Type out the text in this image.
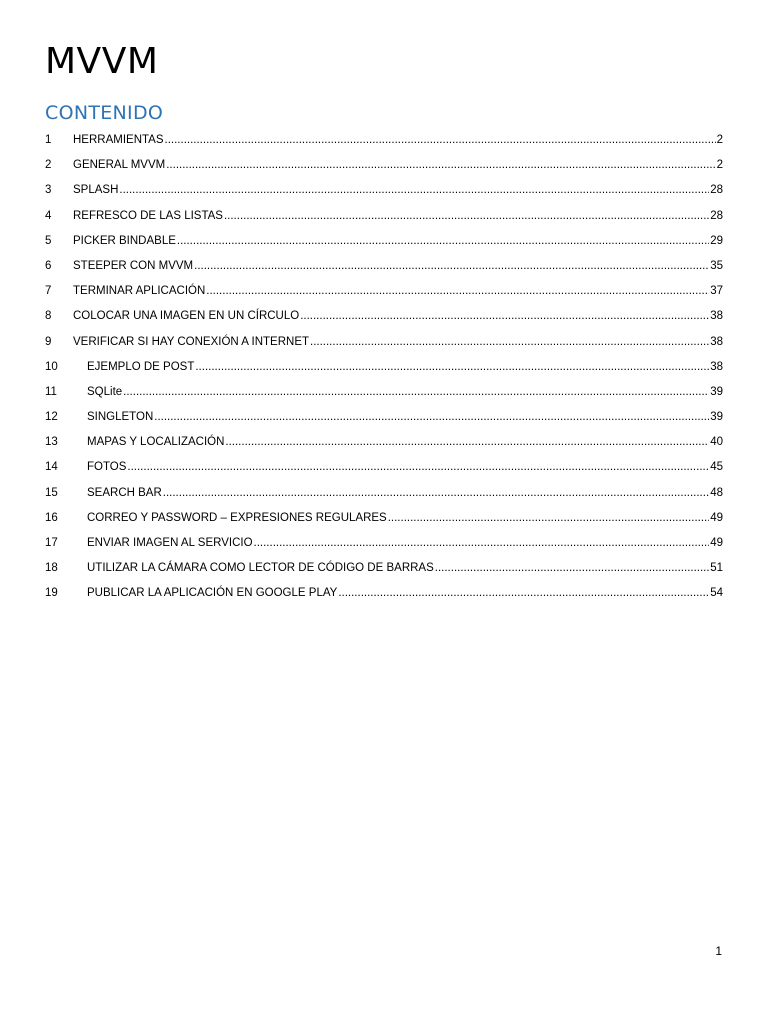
MVVM
CONTENIDO
1	HERRAMIENTAS .....	2
2	GENERAL MVVM .....	2
3	SPLASH .....	28
4	REFRESCO DE LAS LISTAS .....	28
5	PICKER BINDABLE .....	29
6	STEEPER CON MVVM .....	35
7	TERMINAR APLICACIÓN .....	37
8	COLOCAR UNA IMAGEN EN UN CÍRCULO .....	38
9	VERIFICAR SI HAY CONEXIÓN A INTERNET .....	38
10	EJEMPLO DE POST .....	38
11	SQLite .....	39
12	SINGLETON .....	39
13	MAPAS Y LOCALIZACIÓN .....	40
14	FOTOS .....	45
15	SEARCH BAR .....	48
16	CORREO Y PASSWORD – EXPRESIONES REGULARES .....	49
17	ENVIAR IMAGEN AL SERVICIO .....	49
18	UTILIZAR LA CÁMARA COMO LECTOR DE CÓDIGO DE BARRAS .....	51
19	PUBLICAR LA APLICACIÓN EN GOOGLE PLAY .....	54
1
